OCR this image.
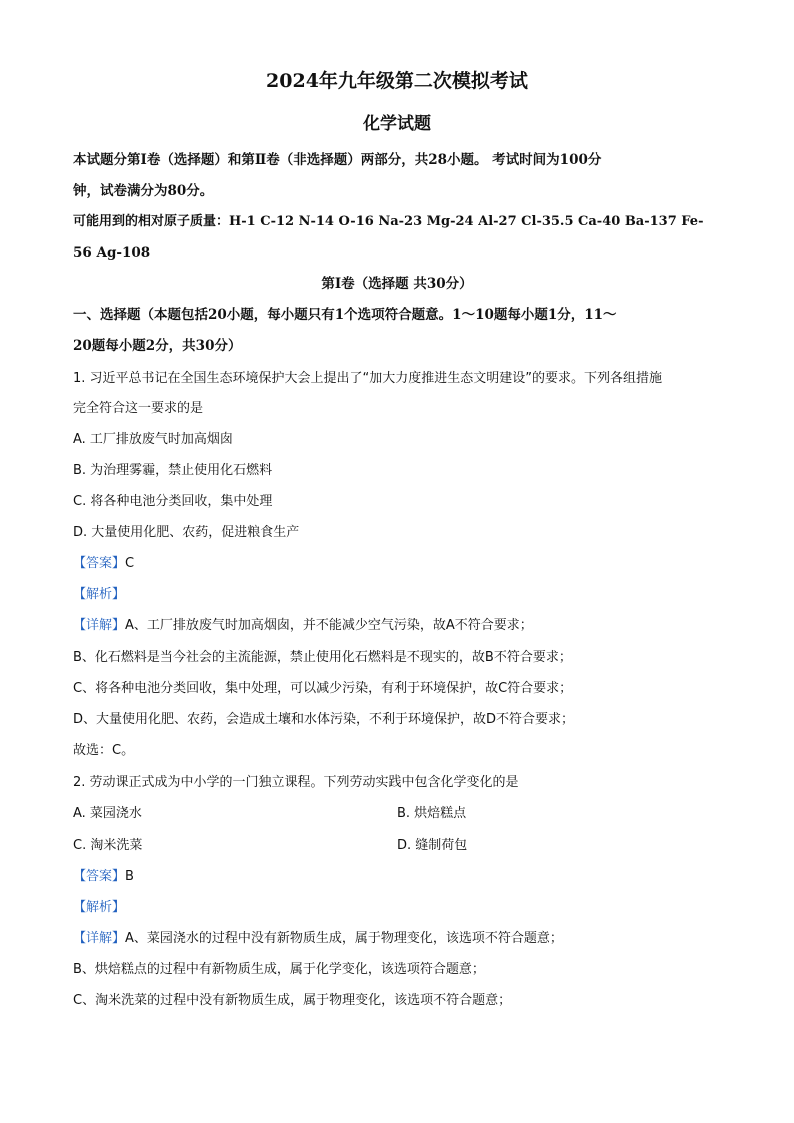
2024年九年级第二次模拟考试
化学试题
本试题分第Ⅰ卷（选择题）和第Ⅱ卷（非选择题）两部分，共28小题。 考试时间为100分
钟，试卷满分为80分。
可能用到的相对原子质量：H-1 C-12 N-14 O-16 Na-23 Mg-24 Al-27 Cl-35.5 Ca-40 Ba-137 Fe-
56 Ag-108
第Ⅰ卷（选择题 共30分）
一、选择题（本题包括20小题，每小题只有1个选项符合题意。1～10题每小题1分，11～
20题每小题2分，共30分）
1. 习近平总书记在全国生态环境保护大会上提出了“加大力度推进生态文明建设”的要求。下列各组措施
完全符合这一要求的是
A. 工厂排放废气时加高烟囱
B. 为治理雾霾，禁止使用化石燃料
C. 将各种电池分类回收，集中处理
D. 大量使用化肥、农药，促进粮食生产
【答案】C
【解析】
【详解】A、工厂排放废气时加高烟囱，并不能减少空气污染，故A不符合要求；
B、化石燃料是当今社会的主流能源，禁止使用化石燃料是不现实的，故B不符合要求；
C、将各种电池分类回收，集中处理，可以减少污染，有利于环境保护，故C符合要求；
D、大量使用化肥、农药，会造成土壤和水体污染，不利于环境保护，故D不符合要求；
故选：C。
2. 劳动课正式成为中小学的一门独立课程。下列劳动实践中包含化学变化的是
A. 菜园浇水	B. 烘焙糕点
C. 淘米洗菜	D. 缝制荷包
【答案】B
【解析】
【详解】A、菜园浇水的过程中没有新物质生成，属于物理变化，该选项不符合题意；
B、烘焙糕点的过程中有新物质生成，属于化学变化，该选项符合题意；
C、淘米洗菜的过程中没有新物质生成，属于物理变化，该选项不符合题意；
